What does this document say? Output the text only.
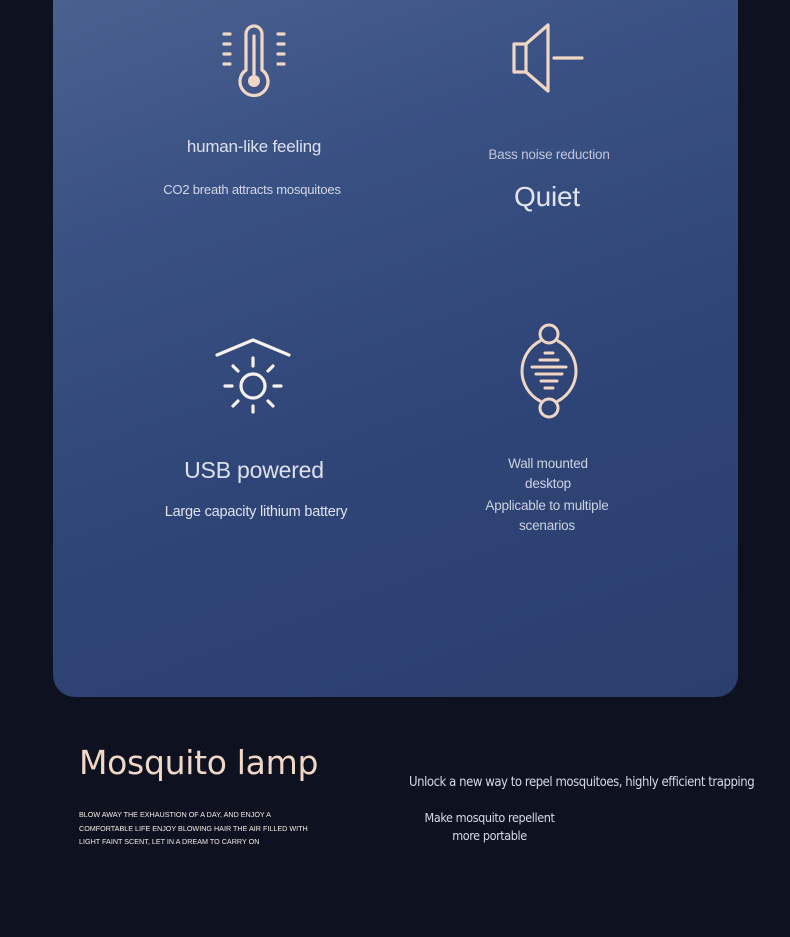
human-like feeling
CO2 breath attracts mosquitoes
Bass noise reduction
Quiet
USB powered
Large capacity lithium battery
Wall mounted desktop
Applicable to multiple scenarios
Mosquito lamp
BLOW AWAY THE EXHAUSTION OF A DAY, AND ENJOY A COMFORTABLE LIFE ENJOY BLOWING HAIR THE AIR FILLED WITH LIGHT FAINT SCENT, LET IN A DREAM TO CARRY ON
Unlock a new way to repel mosquitoes, highly efficient trapping
Make mosquito repellent more portable
